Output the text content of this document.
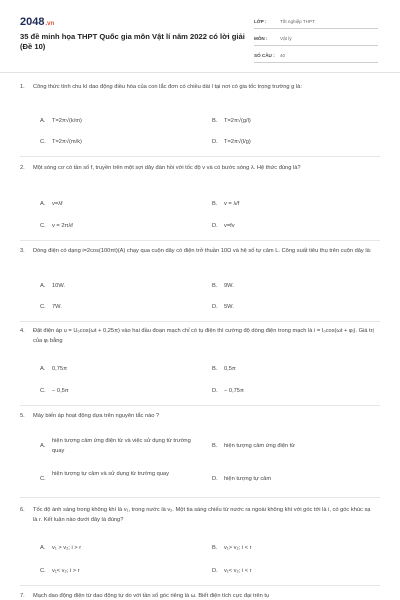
2048.vn
35 đề minh họa THPT Quốc gia môn Vật lí năm 2022 có lời giải (Đề 10)
LỚP :	Tốt nghiệp THPT
MÔN :	Vật lý
SỐ CÂU :	40
1. Công thức tính chu kì dao động điều hòa của con lắc đơn có chiều dài l tại nơi có gia tốc trọng trường g là:
A. T=2π√(k/m)	B. T=2π√(g/l)
C. T=2π√(m/k)	D. T=2π√(l/g)
2. Một sóng cơ có tần số f, truyền trên một sợi dây đàn hồi với tốc độ v và có bước sóng λ. Hệ thức đúng là?
A. v=λf	B. v = λ/f
C. v = 2πλf	D. v=fv
3. Dòng điện có dạng i=2cos(100πt)(A) chạy qua cuộn dây có điện trở thuần 10Ω và hệ số tự cảm L. Công suất tiêu thụ trên cuộn dây là:
A. 10W.	B. 9W.
C. 7W.	D. 5W.
4. Đặt điện áp u = U₀cos(ωt + 0,25π) vào hai đầu đoạn mạch chỉ có tụ điện thì cường độ dòng điện trong mạch là i = I₀cos(ωt + φᵢ). Giá trị của φᵢ bằng
A. 0,75π	B. 0,5π
C. − 0,5π	D. − 0,75π
5. Máy biến áp hoạt động dựa trên nguyên tắc nào ?
A.
hiện tượng cảm ứng điện từ và việc sử dụng từ trường quay
B. hiện tượng cảm ứng điện từ
C.
hiện tượng tự cảm và sử dụng từ trường quay
D. hiện tượng tự cảm
6. Tốc độ ánh sáng trong không khí là v₁, trong nước là v₂. Một tia sáng chiếu từ nước ra ngoài không khí với góc tới là i, có góc khúc xạ là r. Kết luận nào dưới đây là đúng?
A. v₁ > v₂; i > r	B. v₁> v₂; i < r
C. v₁< v₂; i > r	D. v₁< v₂; i < r
7. Mạch dao động điện từ dao động tự do với tần số góc riêng là ω. Biết điện tích cực đại trên tụ
